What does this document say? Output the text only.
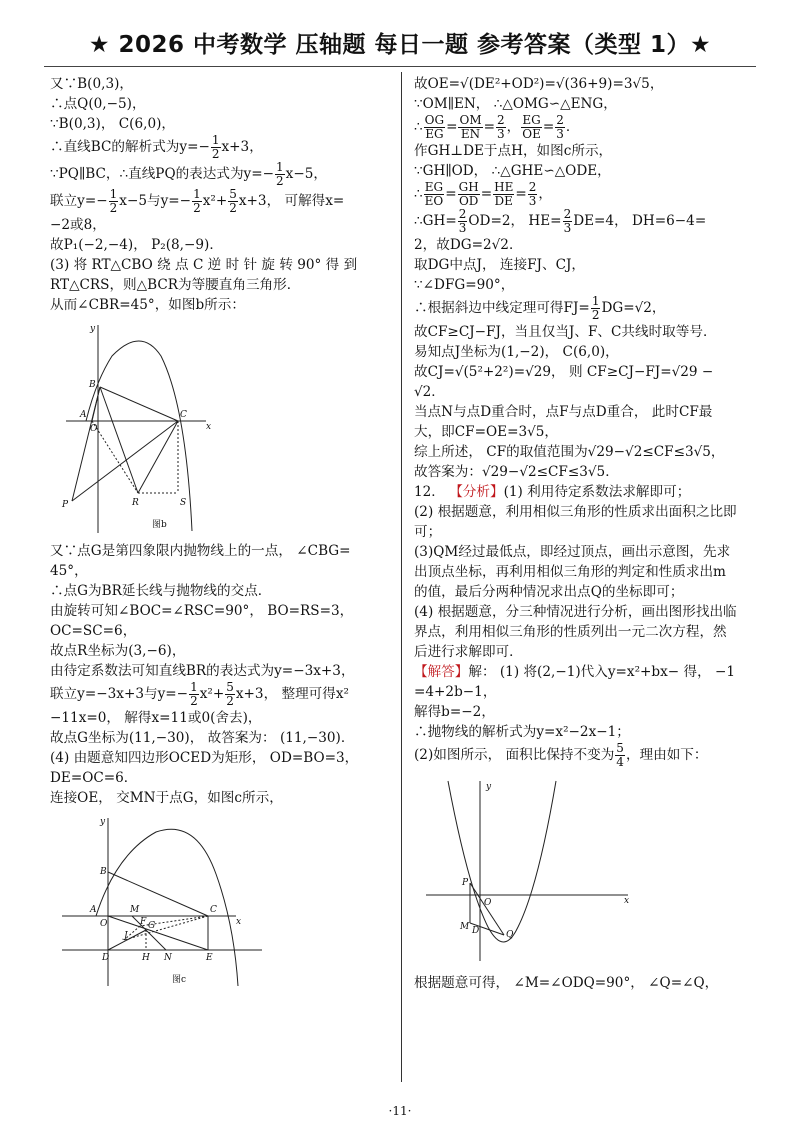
★ 2026 中考数学 压轴题 每日一题 参考答案（类型 1）★
又∵B(0,3)，
∴点Q(0,−5)，
∵B(0,3)， C(6,0)，
∴直线BC的解析式为$y=- \frac{1}{2} x+3$，
∵PQ∥BC，∴直线PQ的表达式为$y=- \frac{1}{2} x-5$，
联立$y=- \frac{1}{2} x-5$与$y=- \frac{1}{2} x^2+ \frac{5}{2} x+3$， 可解得x=
−2或8，
故P₁(−2,−4)， P₂(8,−9)．
(3) 将 RT△CBO 绕 点 C 逆 时 针 旋 转 90° 得 到
RT△CRS，则△BCR为等腰直角三角形．
从而∠CBR=45°，如图b所示：
y
x
B
A
O
C
P	R	S
图b
又∵点G是第四象限内抛物线上的一点， ∠CBG=
45°，
∴点G为BR延长线与抛物线的交点．
由旋转可知∠BOC=∠RSC=90°， BO=RS=3，
OC=SC=6，
故点R坐标为(3,−6)，
由待定系数法可知直线BR的表达式为y=−3x+3，
联立y=−3x+3与$y=- \frac{1}{2} x^2+ \frac{5}{2} x+3$， 整理可得x²
−11x=0， 解得x=11或0(舍去)，
故点G坐标为(11,−30)， 故答案为： (11,−30)．
(4) 由题意知四边形OCED为矩形， OD=BO=3，
DE=OC=6．
连接OE， 交MN于点G，如图c所示，
y
x
B
A
O
M
F G
C
J
D	H N	E
图c
故OE=√(DE²+OD²)=√(36+9)=3√5，
∵OM∥EN， ∴△OMG∽△ENG，
∴ $\frac{OG}{EG} = \frac{OM}{EN} = \frac{2}{3}$ ， $\frac{EG}{OE} = \frac{2}{3}$ ．
作GH⊥DE于点H，如图c所示，
∵GH∥OD， ∴△GHE∽△ODE，
∴ $\frac{EG}{EO} = \frac{GH}{OD} = \frac{HE}{DE} = \frac{2}{3}$ ，
∴GH= $\frac{2}{3} OD=2$， $HE= \frac{2}{3} DE=4$， DH=6−4=
2，故DG=2√2．
取DG中点J， 连接FJ、CJ，
∵∠DFG=90°，
∴根据斜边中线定理可得$FJ= \frac{1}{2} DG=√2$，
故CF≥CJ−FJ，当且仅当J、F、C共线时取等号．
易知点J坐标为(1,−2)， C(6,0)，
故CJ=√(5²+2²)=√29， 则 CF≥CJ−FJ=√29 −
√2．
当点N与点D重合时，点F与点D重合， 此时CF最
大，即CF=OE=3√5，
综上所述， CF的取值范围为√29−√2≤CF≤3√5，
故答案为：√29−√2≤CF≤3√5．
12． 【分析】(1) 利用待定系数法求解即可；
(2) 根据题意，利用相似三角形的性质求出面积之比即
可；
(3)QM经过最低点，即经过顶点，画出示意图，先求
出顶点坐标，再利用相似三角形的判定和性质求出m
的值，最后分两种情况求出点Q的坐标即可；
(4) 根据题意，分三种情况进行分析，画出图形找出临
界点，利用相似三角形的性质列出一元二次方程，然
后进行求解即可．
【解答】解： (1) 将(2,−1)代入y=x²+bx− 得， −1
=4+2b−1，
解得b=−2，
∴抛物线的解析式为y=x²−2x−1；
(2)如图所示， 面积比保持不变为 $\frac{5}{4}$ ，理由如下：
y
x
P
O
M D	Q
根据题意可得， ∠M=∠ODQ=90°， ∠Q=∠Q，
·11·
